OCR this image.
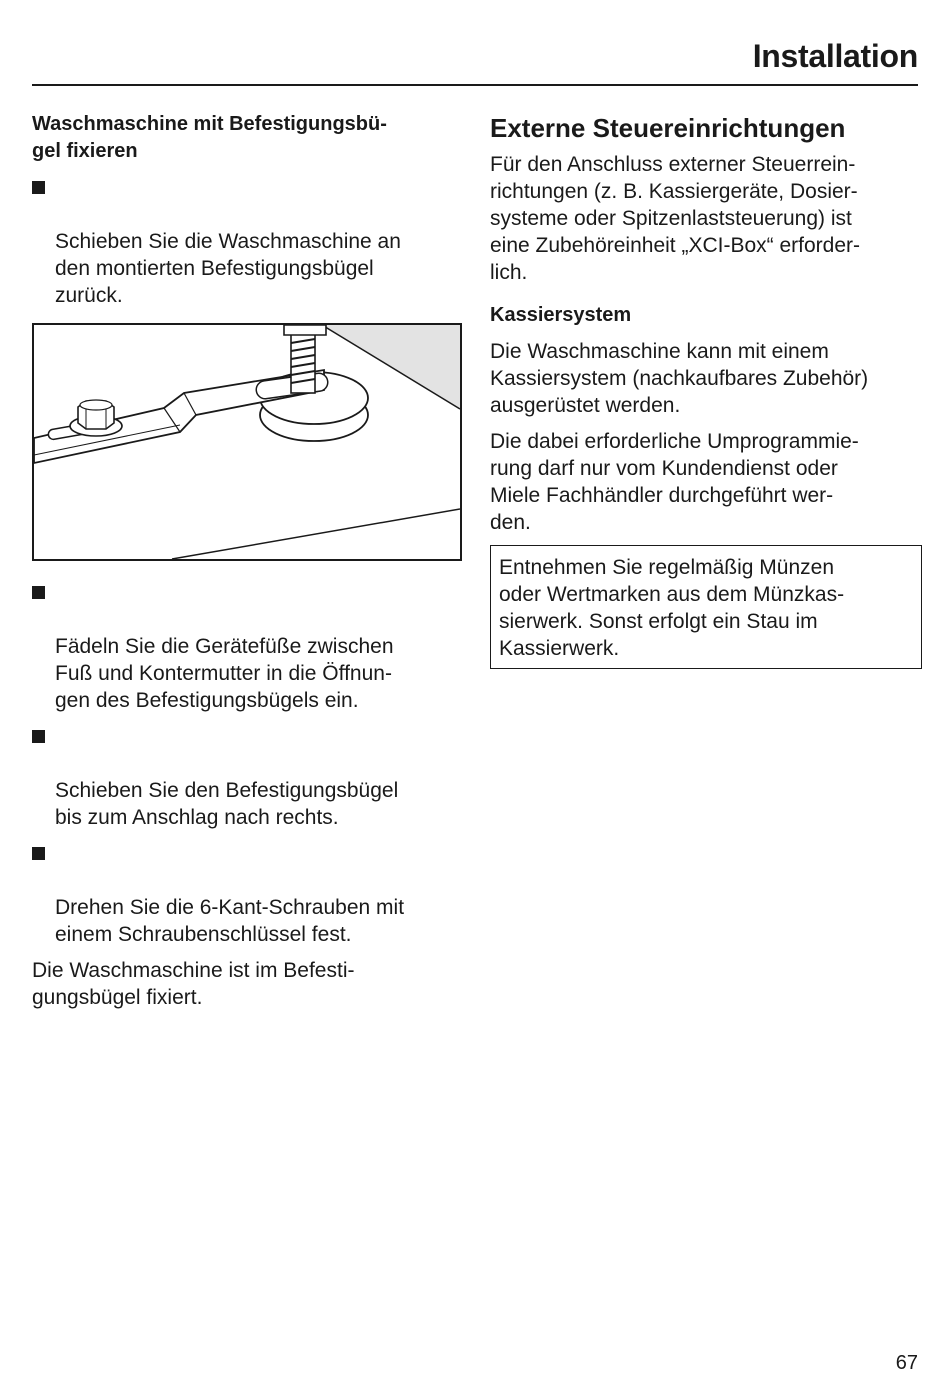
Installation
Waschmaschine mit Befestigungsbü-
gel fixieren

Schieben Sie die Waschmaschine an
den montierten Befestigungsbügel
zurück.

Fädeln Sie die Gerätefüße zwischen
Fuß und Kontermutter in die Öffnun-
gen des Befestigungsbügels ein.

Schieben Sie den Befestigungsbügel
bis zum Anschlag nach rechts.

Drehen Sie die 6-Kant-Schrauben mit
einem Schraubenschlüssel fest.

Die Waschmaschine ist im Befesti-
gungsbügel fixiert.
Externe Steuereinrichtungen
Für den Anschluss externer Steuerrein-
richtungen (z. B. Kassiergeräte, Dosier-
systeme oder Spitzenlaststeuerung) ist
eine Zubehöreinheit „XCI-Box“ erforder-
lich.
Kassiersystem
Die Waschmaschine kann mit einem
Kassiersystem (nachkaufbares Zubehör)
ausgerüstet werden.
Die dabei erforderliche Umprogrammie-
rung darf nur vom Kundendienst oder
Miele Fachhändler durchgeführt wer-
den.
Entnehmen Sie regelmäßig Münzen
oder Wertmarken aus dem Münzkas-
sierwerk. Sonst erfolgt ein Stau im
Kassierwerk.
67
